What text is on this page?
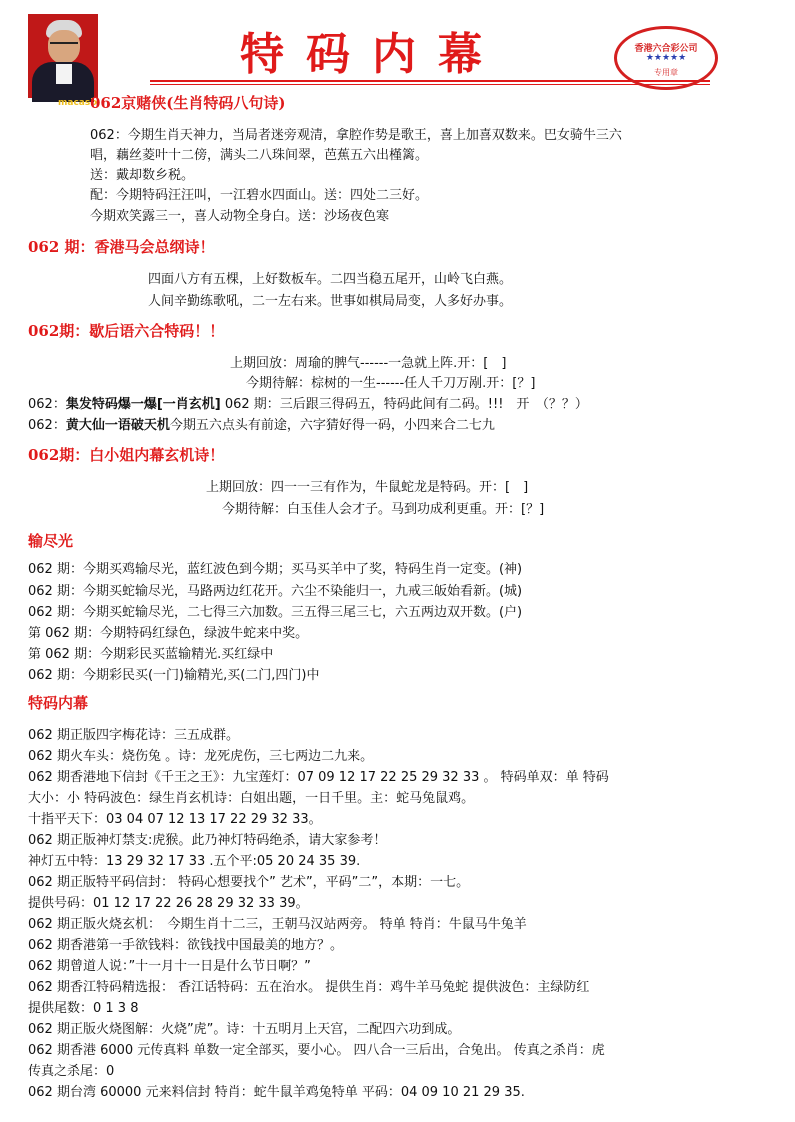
macasix
特码内幕	香港六合彩公司
★★★★★
专用章
062京赌侠(生肖特码八句诗)
062：今期生肖天神力，当局者迷旁观清，拿腔作势是歌王，喜上加喜双数来。巴女骑牛三六
唱，藕丝菱叶十二傍，满头二八珠间翠，芭蕉五六出槿篱。
送：戴却数乡税。
配：今期特码汪汪叫，一江碧水四面山。送：四处二三好。
今期欢笑露三一，喜人动物全身白。送：沙场夜色寒
062 期：香港马会总纲诗！
四面八方有五棵，上好数板车。二四当稳五尾开，山岭飞白燕。
人间辛勤练歌吼，二一左右来。世事如棋局局变，人多好办事。
062期：歇后语六合特码！！
上期回放：周瑜的脾气------一急就上阵.开：[　]
今期待解：棕树的一生------任人千刀万剐.开：[？]
062：集发特码爆一爆[一肖玄机] 062 期：三后跟三得码五，特码此间有二码。!!!　开　（？？）
062：黄大仙一语破天机今期五六点头有前途，六字猜好得一码，小四来合二七九
062期：白小姐内幕玄机诗！
上期回放：四一一三有作为，牛鼠蛇龙是特码。开：[　]
今期待解：白玉佳人会才子。马到功成利更重。开：[？]
输尽光
062 期：今期买鸡输尽光，蓝红波色到今期；买马买羊中了奖，特码生肖一定变。(神)
062 期：今期买蛇输尽光，马路两边红花开。六尘不染能归一，九戒三皈始看新。(城)
062 期：今期买蛇输尽光，二七得三六加数。三五得三尾三七，六五两边双开数。(户)
第 062 期：今期特码红绿色，绿波牛蛇来中奖。
第 062 期：今期彩民买蓝输精光.买红绿中
062 期：今期彩民买(一门)输精光,买(二门,四门)中
特码内幕
062 期正版四字梅花诗：三五成群。
062 期火车头：烧伤兔 。诗：龙死虎伤，三七两边二九来。
062 期香港地下信封《千王之王》：九宝莲灯：07 09 12 17 22 25 29 32 33 。 特码单双：单 特码
大小：小 特码波色：绿生肖玄机诗：白姐出题，一日千里。主：蛇马兔鼠鸡。
十指平天下：03 04 07 12 13 17 22 29 32 33。
062 期正版神灯禁支:虎猴。此乃神灯特码绝杀，请大家参考！
神灯五中特：13 29 32 17 33 .五个平:05 20 24 35 39.
062 期正版特平码信封： 特码心想要找个” 艺术”，平码”二”，本期：一七。
提供号码：01 12 17 22 26 28 29 32 33 39。
062 期正版火烧玄机：　今期生肖十二三，王朝马汉站两旁。 特单 特肖：牛鼠马牛兔羊
062 期香港第一手欲钱料：欲钱找中国最美的地方？。
062 期曾道人说：”十一月十一日是什么节日啊？”
062 期香江特码精选报： 香江话特码：五在治水。 提供生肖：鸡牛羊马兔蛇 提供波色：主绿防红
提供尾数：0 1 3 8
062 期正版火烧图解：火烧”虎”。诗：十五明月上天宫，二配四六功到成。
062 期香港 6000 元传真料 单数一定全部买，要小心。 四八合一三后出，合兔出。 传真之杀肖：虎
传真之杀尾：0
062 期台湾 60000 元来料信封 特肖：蛇牛鼠羊鸡兔特单 平码：04 09 10 21 29 35.
